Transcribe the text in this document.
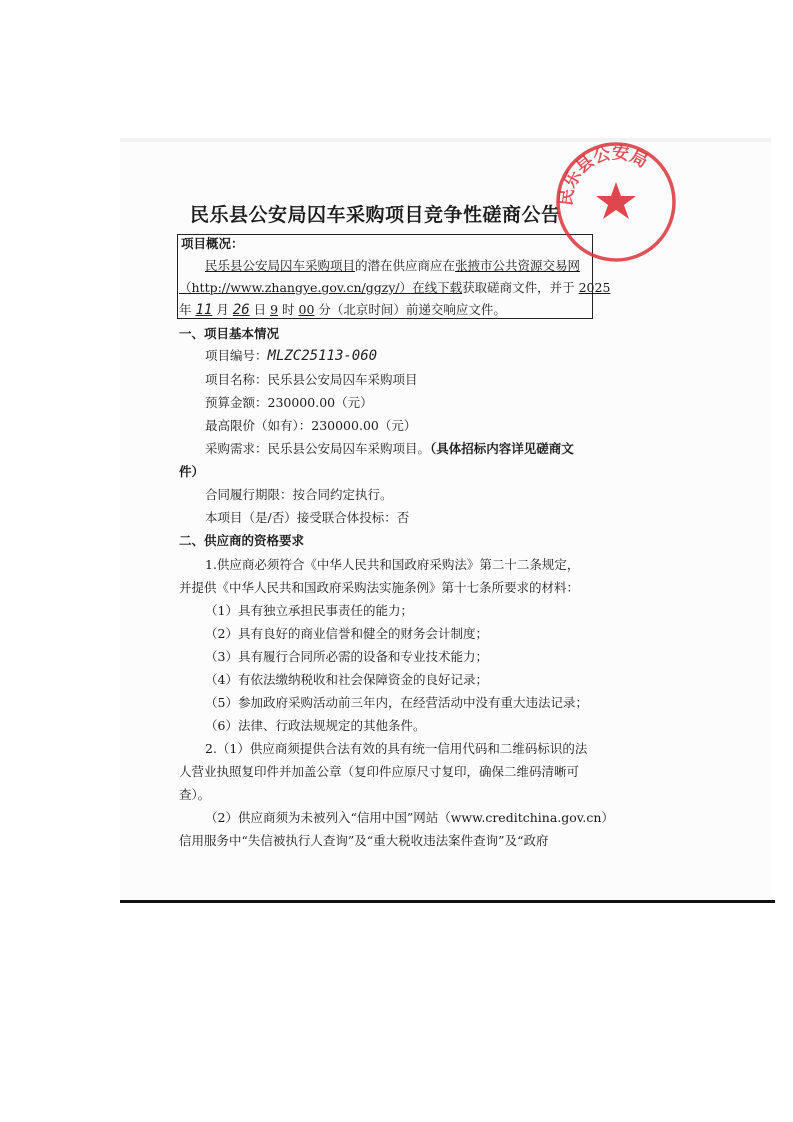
民乐县公安局囚车采购项目竞争性磋商公告
项目概况：
民乐县公安局囚车采购项目的潜在供应商应在张掖市公共资源交易网
（http://www.zhangye.gov.cn/ggzy/）在线下载获取磋商文件，并于 2025
年 11 月 26 日 9 时 00 分（北京时间）前递交响应文件。
一、项目基本情况
项目编号：MLZC25113-060
项目名称：民乐县公安局囚车采购项目
预算金额：230000.00（元）
最高限价（如有）：230000.00（元）
采购需求：民乐县公安局囚车采购项目。（具体招标内容详见磋商文
件）
合同履行期限：按合同约定执行。
本项目（是/否）接受联合体投标：否
二、供应商的资格要求
1.供应商必须符合《中华人民共和国政府采购法》第二十二条规定，
并提供《中华人民共和国政府采购法实施条例》第十七条所要求的材料：
（1）具有独立承担民事责任的能力；
（2）具有良好的商业信誉和健全的财务会计制度；
（3）具有履行合同所必需的设备和专业技术能力；
（4）有依法缴纳税收和社会保障资金的良好记录；
（5）参加政府采购活动前三年内，在经营活动中没有重大违法记录；
（6）法律、行政法规规定的其他条件。
2.（1）供应商须提供合法有效的具有统一信用代码和二维码标识的法
人营业执照复印件并加盖公章（复印件应原尺寸复印，确保二维码清晰可
查）。
（2）供应商须为未被列入“信用中国”网站（www.creditchina.gov.cn）
信用服务中“失信被执行人查询”及“重大税收违法案件查询”及“政府
民乐县公安局
